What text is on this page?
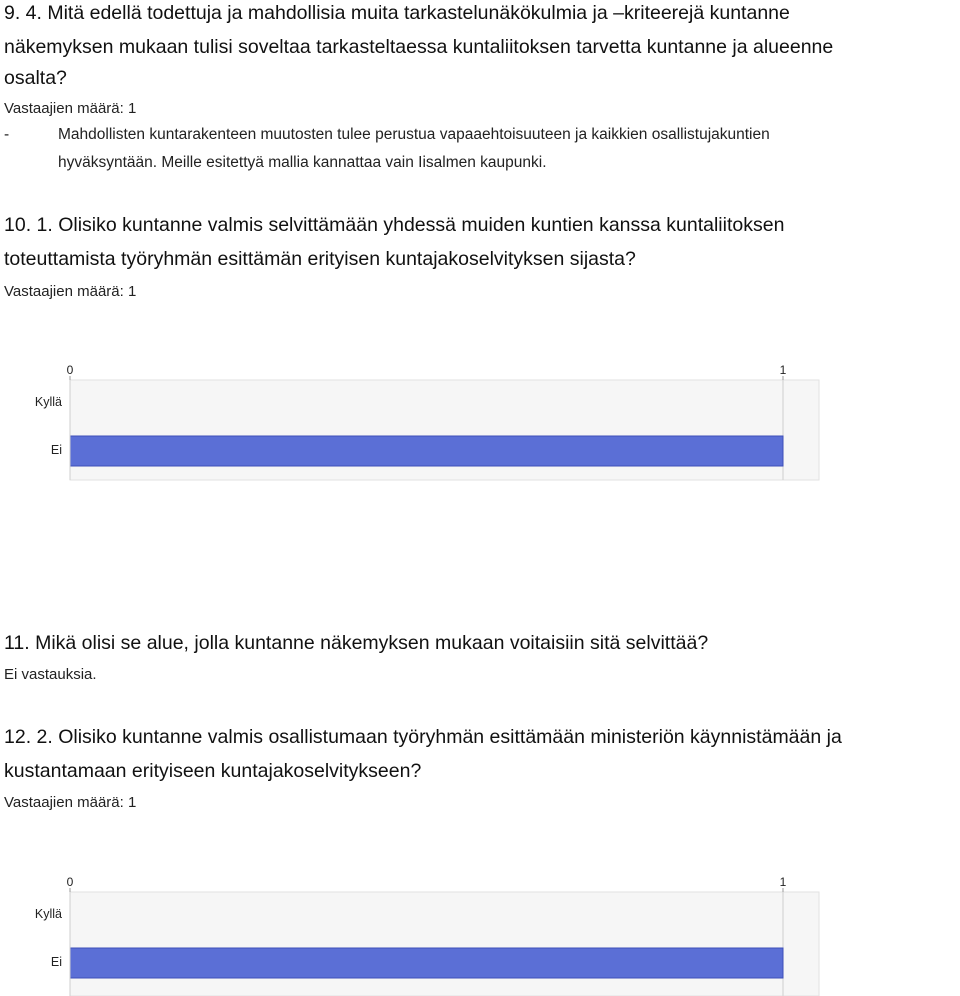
9. 4. Mitä edellä todettuja ja mahdollisia muita tarkastelunäkökulmia ja –kriteerejä kuntanne
näkemyksen mukaan tulisi soveltaa tarkasteltaessa kuntaliitoksen tarvetta kuntanne ja alueenne
osalta?
Vastaajien määrä: 1
-	Mahdollisten kuntarakenteen muutosten tulee perustua vapaaehtoisuuteen ja kaikkien osallistujakuntien
hyväksyntään. Meille esitettyä mallia kannattaa vain Iisalmen kaupunki.
10. 1. Olisiko kuntanne valmis selvittämään yhdessä muiden kuntien kanssa kuntaliitoksen
toteuttamista työryhmän esittämän erityisen kuntajakoselvityksen sijasta?
Vastaajien määrä: 1
0	1
Kyllä
Ei
11. Mikä olisi se alue, jolla kuntanne näkemyksen mukaan voitaisiin sitä selvittää?
Ei vastauksia.
12. 2. Olisiko kuntanne valmis osallistumaan työryhmän esittämään ministeriön käynnistämään ja
kustantamaan erityiseen kuntajakoselvitykseen?
Vastaajien määrä: 1
0	1
Kyllä
Ei
